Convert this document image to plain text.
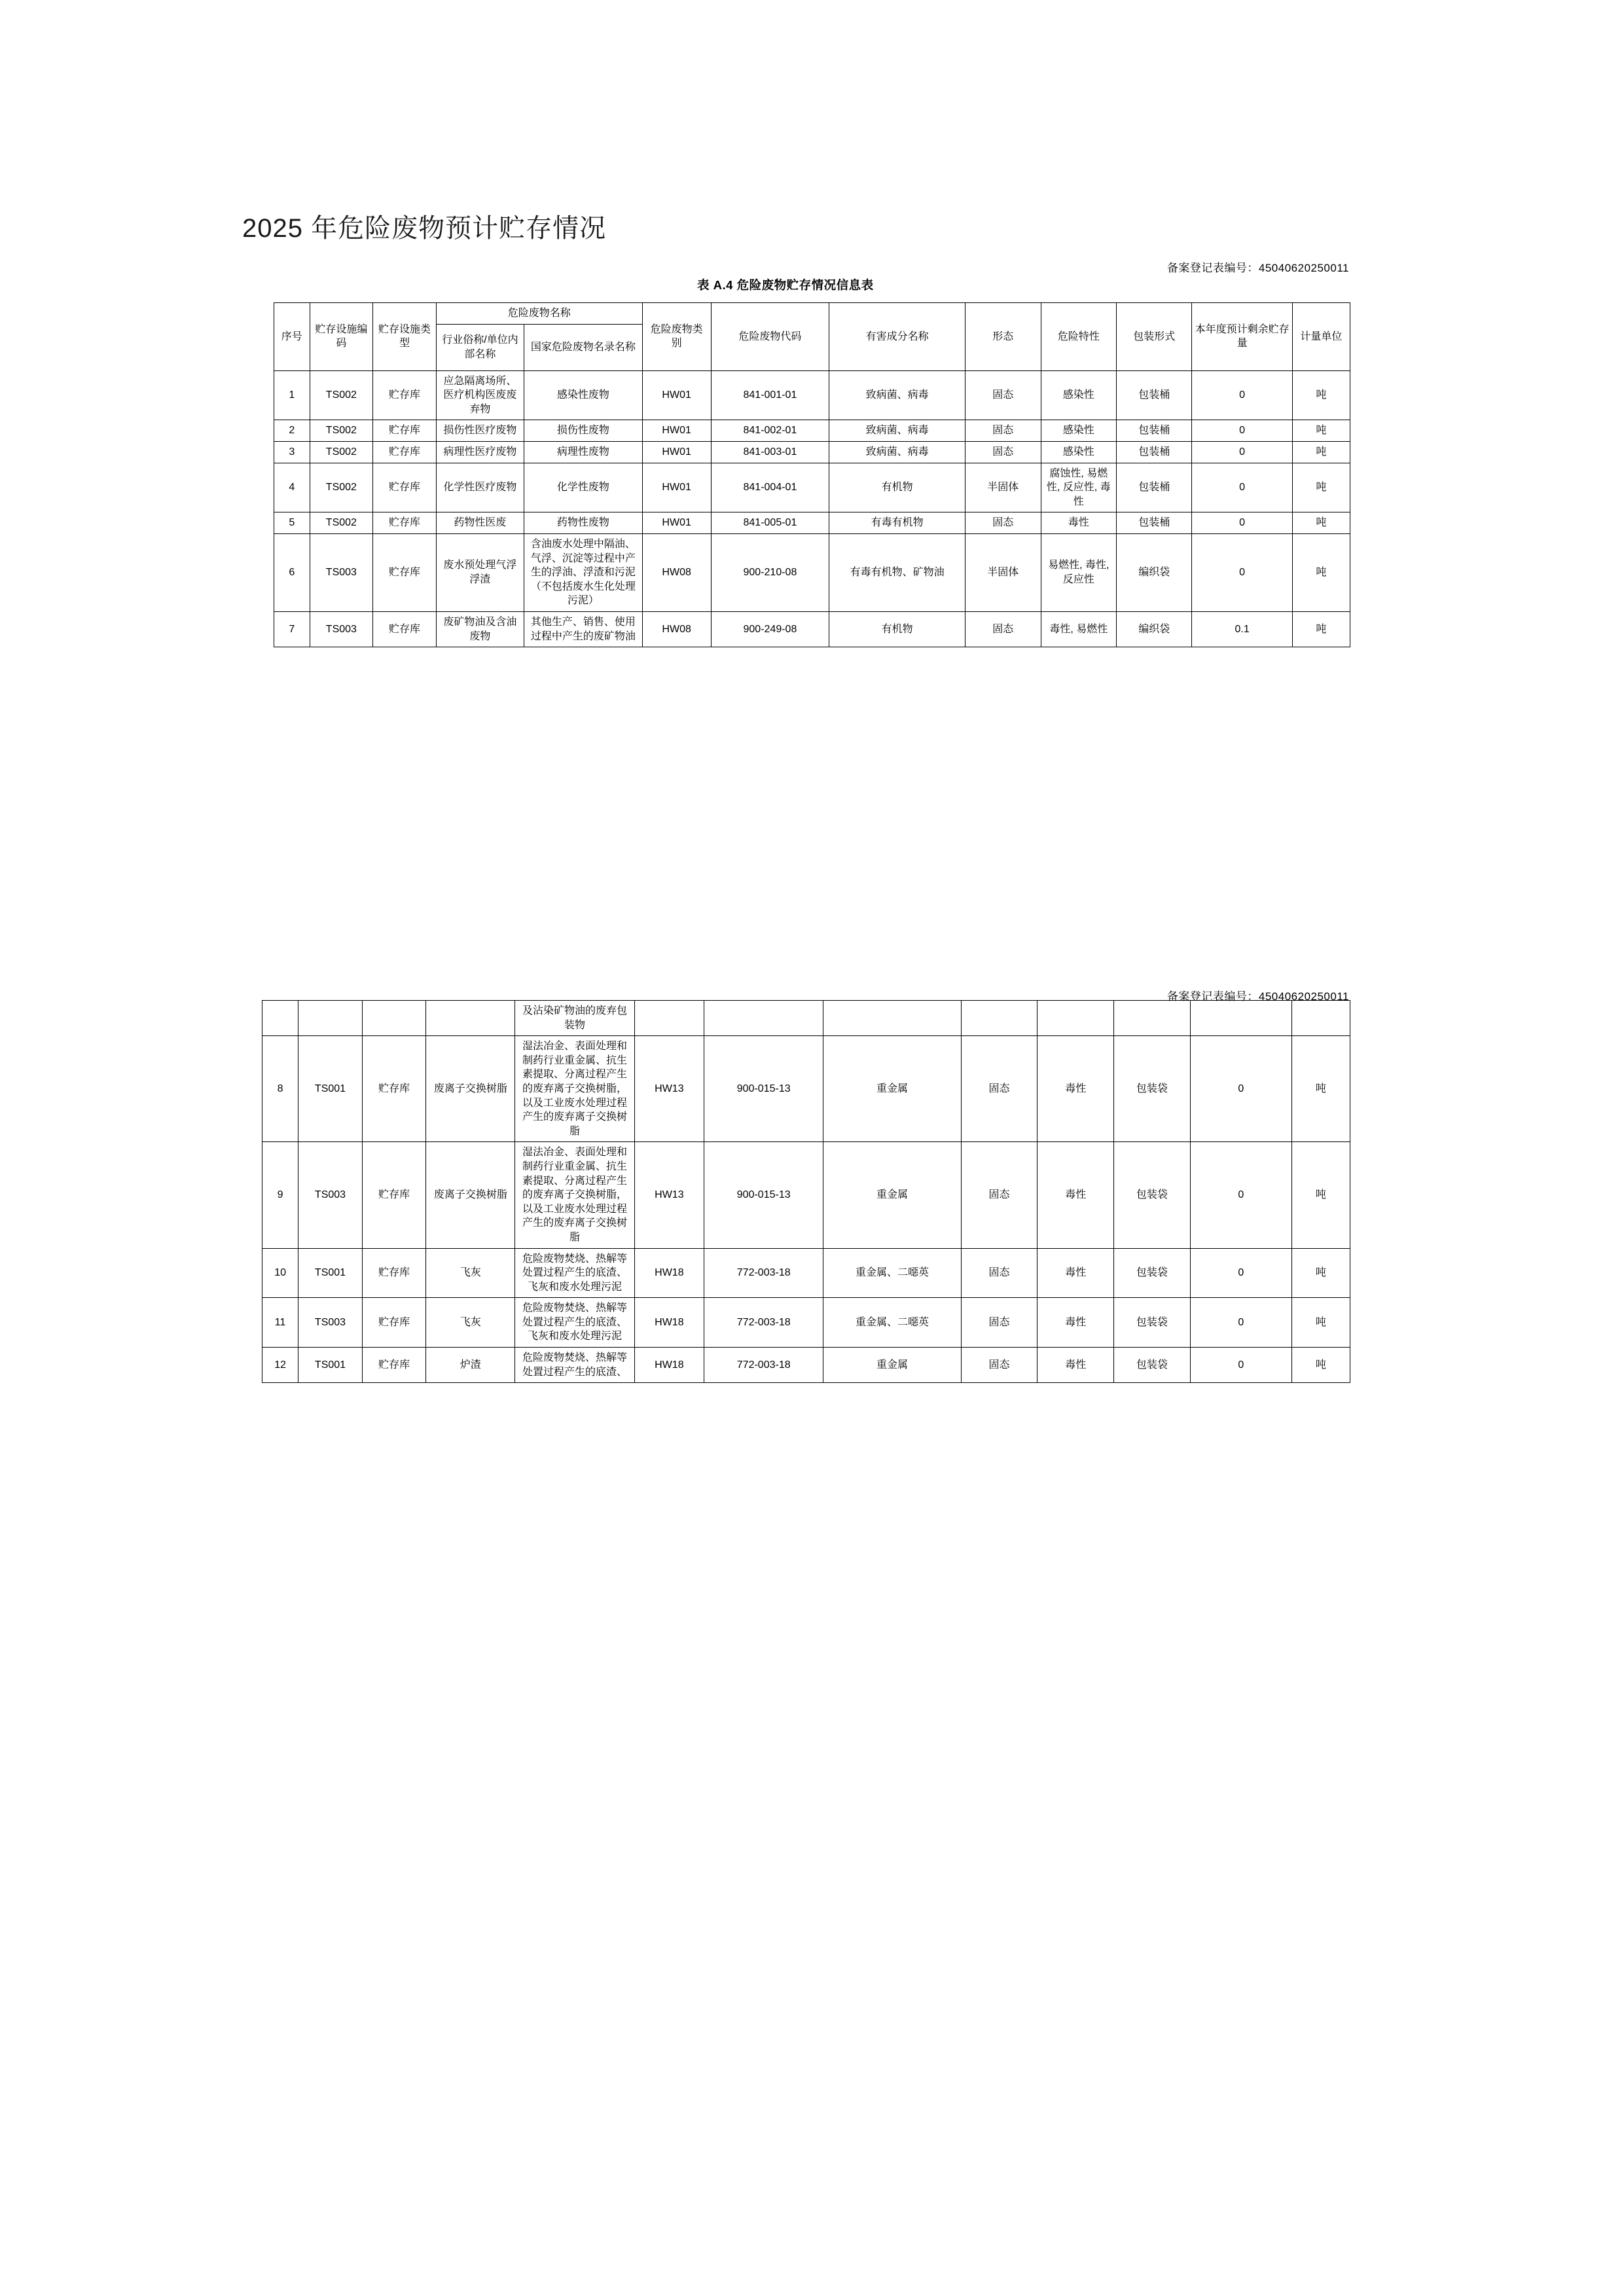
2025 年危险废物预计贮存情况
备案登记表编号：45040620250011
表 A.4 危险废物贮存情况信息表
序号	贮存设施编码	贮存设施类型	危险废物名称		危险废物类别	危险废物代码	有害成分名称	形态	危险特性	包装形式	本年度预计剩余贮存量	计量单位
			行业俗称/单位内部名称	国家危险废物名录名称								
1	TS002	贮存库	应急隔离场所、医疗机构医废废弃物	感染性废物	HW01	841-001-01	致病菌、病毒	固态	感染性	包装桶	0	吨
2	TS002	贮存库	损伤性医疗废物	损伤性废物	HW01	841-002-01	致病菌、病毒	固态	感染性	包装桶	0	吨
3	TS002	贮存库	病理性医疗废物	病理性废物	HW01	841-003-01	致病菌、病毒	固态	感染性	包装桶	0	吨
4	TS002	贮存库	化学性医疗废物	化学性废物	HW01	841-004-01	有机物	半固体	腐蚀性, 易燃性, 反应性, 毒性	包装桶	0	吨
5	TS002	贮存库	药物性医废	药物性废物	HW01	841-005-01	有毒有机物	固态	毒性	包装桶	0	吨
6	TS003	贮存库	废水预处理气浮浮渣	含油废水处理中隔油、气浮、沉淀等过程中产生的浮油、浮渣和污泥（不包括废水生化处理污泥）	HW08	900-210-08	有毒有机物、矿物油	半固体	易燃性, 毒性, 反应性	编织袋	0	吨
7	TS003	贮存库	废矿物油及含油废物	其他生产、销售、使用过程中产生的废矿物油	HW08	900-249-08	有机物	固态	毒性, 易燃性	编织袋	0.1	吨
备案登记表编号：45040620250011
				及沾染矿物油的废弃包装物								
8	TS001	贮存库	废离子交换树脂	湿法冶金、表面处理和制药行业重金属、抗生素提取、分离过程产生的废弃离子交换树脂，以及工业废水处理过程产生的废弃离子交换树脂	HW13	900-015-13	重金属	固态	毒性	包装袋	0	吨
9	TS003	贮存库	废离子交换树脂	湿法冶金、表面处理和制药行业重金属、抗生素提取、分离过程产生的废弃离子交换树脂，以及工业废水处理过程产生的废弃离子交换树脂	HW13	900-015-13	重金属	固态	毒性	包装袋	0	吨
10	TS001	贮存库	飞灰	危险废物焚烧、热解等处置过程产生的底渣、飞灰和废水处理污泥	HW18	772-003-18	重金属、二噁英	固态	毒性	包装袋	0	吨
11	TS003	贮存库	飞灰	危险废物焚烧、热解等处置过程产生的底渣、飞灰和废水处理污泥	HW18	772-003-18	重金属、二噁英	固态	毒性	包装袋	0	吨
12	TS001	贮存库	炉渣	危险废物焚烧、热解等处置过程产生的底渣、	HW18	772-003-18	重金属	固态	毒性	包装袋	0	吨
